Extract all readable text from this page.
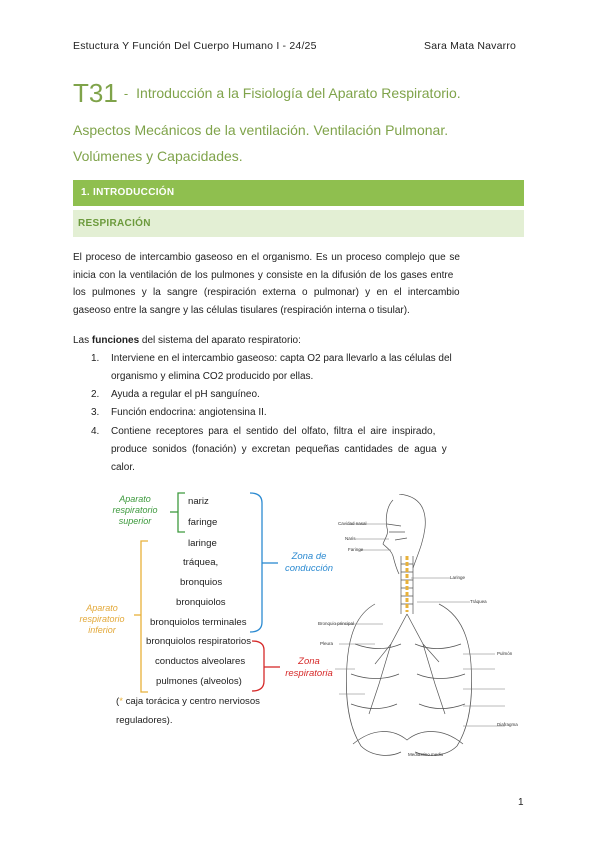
Estuctura Y Función Del Cuerpo Humano I - 24/25	Sara Mata Navarro
T31 - Introducción a la Fisiología del Aparato Respiratorio.
Aspectos Mecánicos de la ventilación. Ventilación Pulmonar.
Volúmenes y Capacidades.
1. INTRODUCCIÓN
RESPIRACIÓN
El proceso de intercambio gaseoso en el organismo. Es un proceso complejo que se
inicia con la ventilación de los pulmones y consiste en la difusión de los gases entre
los pulmones y la sangre (respiración externa o pulmonar) y en el intercambio
gaseoso entre la sangre y las células tisulares (respiración interna o tisular).
Las funciones del sistema del aparato respiratorio:
1. Interviene en el intercambio gaseoso: capta O2 para llevarlo a las células del
organismo y elimina CO2 producido por ellas.
2. Ayuda a regular el pH sanguíneo.
3. Función endocrina: angiotensina II.
4. Contiene receptores para el sentido del olfato, filtra el aire inspirado,
produce sonidos (fonación) y excretan pequeñas cantidades de agua y
calor.
Aparato
respiratorio
superior
Aparato
respiratorio
inferior
Zona de
conducción
Zona
respiratoria
nariz
faringe
laringe
tráquea,
bronquios
bronquiolos
bronquiolos terminales
bronquiolos respiratorios
conductos alveolares
pulmones (alveolos)
(* caja torácica y centro nerviosos
reguladores).
Cavidad nasal
Naris
Faringe
Laringe
Tráquea
Bronquio principal
Pleura
Pulmón
Diafragma
Mediastino medio
1
